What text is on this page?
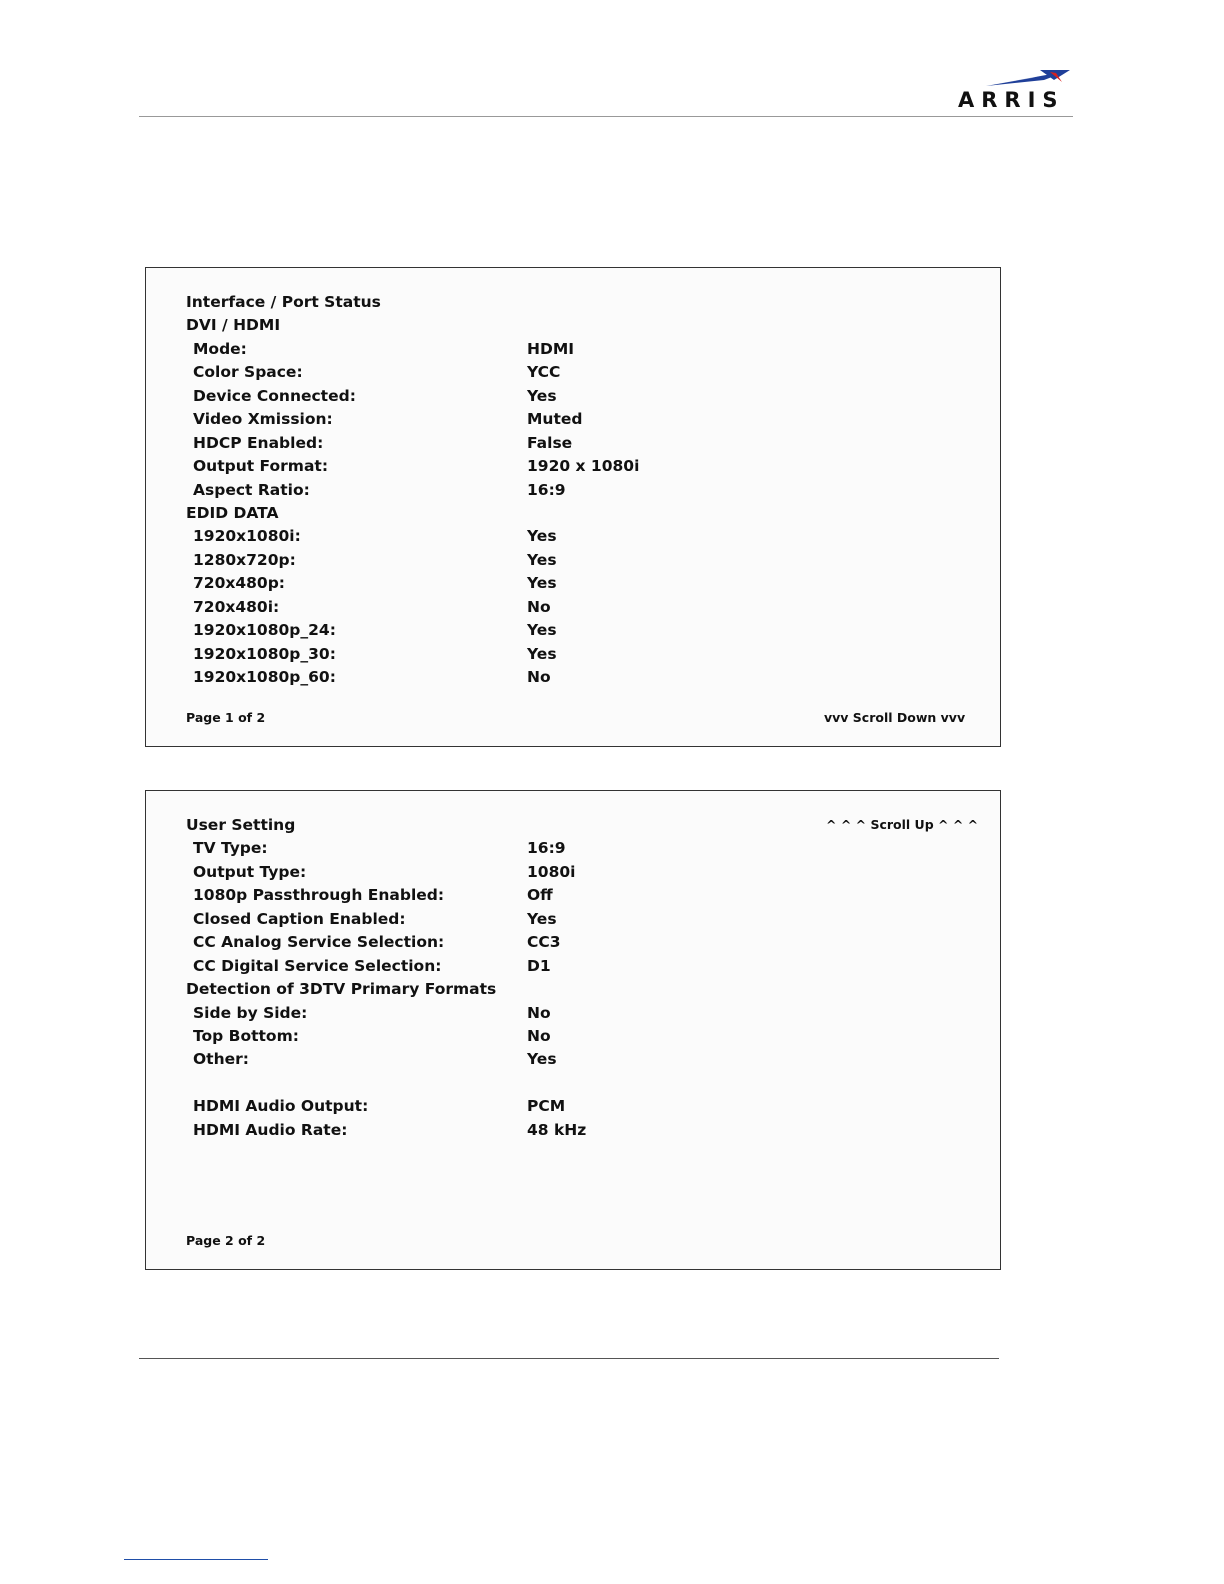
ARRIS
Interface / Port Status
DVI / HDMI
Mode:	HDMI
Color Space:	YCC
Device Connected:	Yes
Video Xmission:	Muted
HDCP Enabled:	False
Output Format:	1920 x 1080i
Aspect Ratio:	16:9
EDID DATA
1920x1080i:	Yes
1280x720p:	Yes
720x480p:	Yes
720x480i:	No
1920x1080p_24:	Yes
1920x1080p_30:	Yes
1920x1080p_60:	No
Page 1 of 2	vvv Scroll Down vvv
^ ^ ^ Scroll Up ^ ^ ^
User Setting
TV Type:	16:9
Output Type:	1080i
1080p Passthrough Enabled:	Off
Closed Caption Enabled:	Yes
CC Analog Service Selection:	CC3
CC Digital Service Selection:	D1
Detection of 3DTV Primary Formats
Side by Side:	No
Top Bottom:	No
Other:	Yes
HDMI Audio Output:	PCM
HDMI Audio Rate:	48 kHz
Page 2 of 2
